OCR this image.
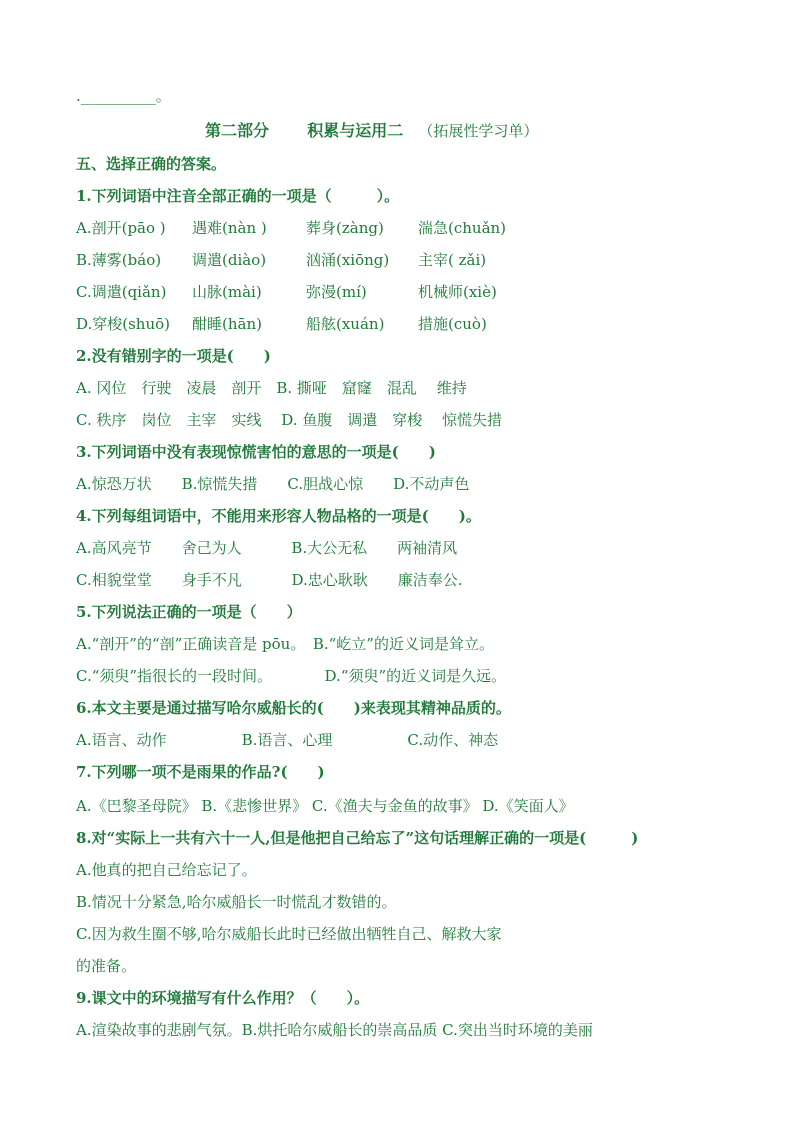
.__________。
第二部分 积累与运用二 （拓展性学习单）
五、选择正确的答案。
1.下列词语中注音全部正确的一项是（　　　）。
A.剖开(pāo ) 遇难(nàn )	葬身(zàng) 湍急(chuǎn)
B.薄雾(báo) 调遣(diào)	汹涌(xiōng) 主宰( zǎi)
C.调遣(qiǎn) 山脉(mài)	弥漫(mí)	机械师(xiè)
D.穿梭(shuō) 酣睡(hān)	船舷(xuán) 措施(cuò)
2.没有错别字的一项是(　　)
A. 冈位　行驶　凌晨　剖开　B. 撕哑　窟窿　混乱　 维持
C. 秩序　岗位　主宰　实线　 D. 鱼腹　调遣　穿梭　 惊慌失措
3.下列词语中没有表现惊慌害怕的意思的一项是(　　)
A.惊恐万状　　B.惊慌失措　　C.胆战心惊　　D.不动声色
4.下列每组词语中，不能用来形容人物品格的一项是(　　)。
A.高风亮节　　舍己为人　　　 B.大公无私　　两袖清风
C.相貌堂堂　　身手不凡　　　 D.忠心耿耿　　廉洁奉公.
5.下列说法正确的一项是（　　）
A.“剖开”的“剖”正确读音是 pōu。　B.“屹立”的近义词是耸立。
C.“须臾”指很长的一段时间。　　　　D.“须臾”的近义词是久远。
6.本文主要是通过描写哈尔威船长的(　　)来表现其精神品质的。
A.语言、动作　　　　　B.语言、心理　　　　　C.动作、神态
7.下列哪一项不是雨果的作品?(　　)
A.《巴黎圣母院》 B.《悲惨世界》 C.《渔夫与金鱼的故事》 D.《笑面人》
8.对“实际上一共有六十一人,但是他把自己给忘了”这句话理解正确的一项是(　　　)
A.他真的把自己给忘记了。
B.情况十分紧急,哈尔威船长一时慌乱才数错的。
C.因为救生圈不够,哈尔威船长此时已经做出牺牲自己、解救大家
的准备。
9.课文中的环境描写有什么作用？（　　）。
A.渲染故事的悲剧气氛。B.烘托哈尔威船长的崇高品质 C.突出当时环境的美丽
